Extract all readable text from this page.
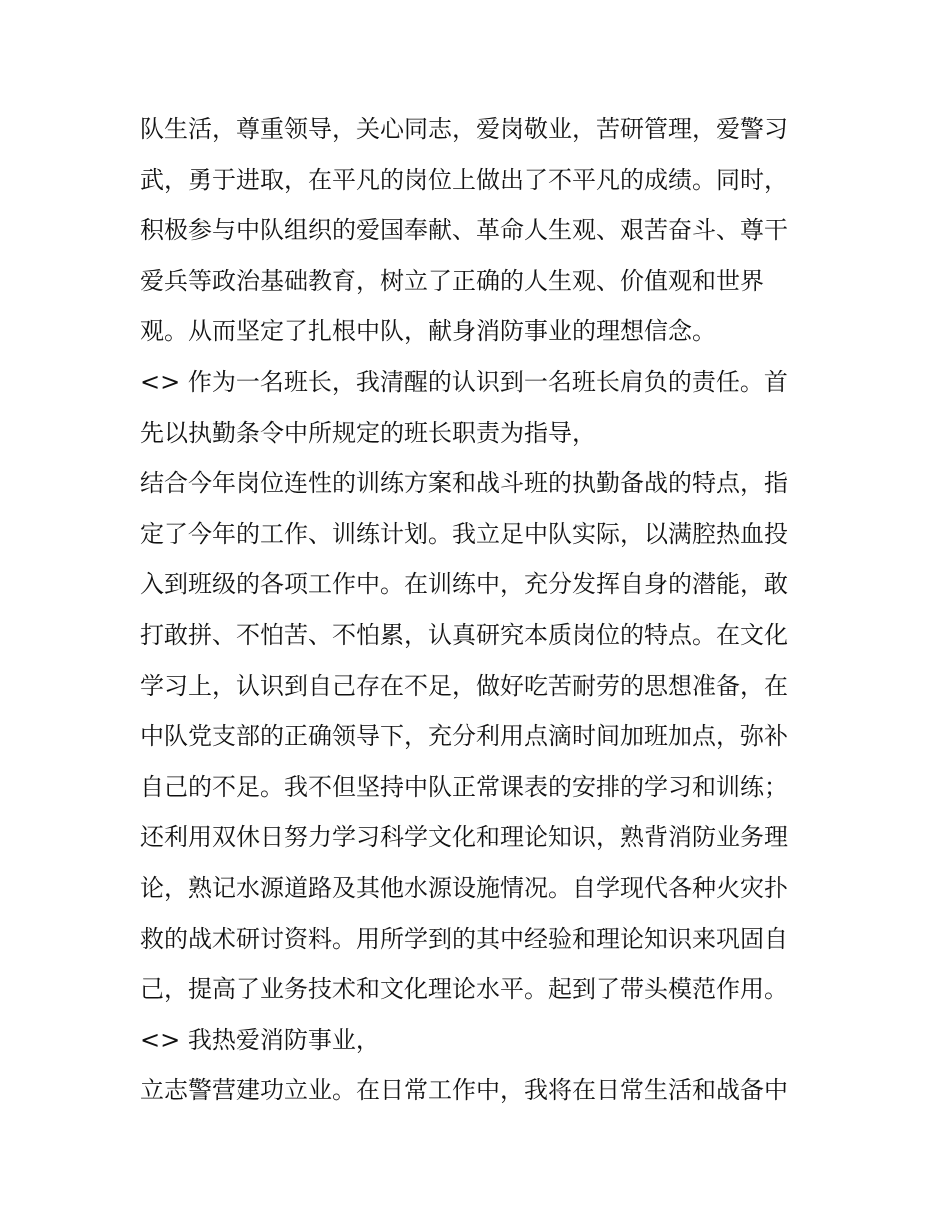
队生活，尊重领导，关心同志，爱岗敬业，苦研管理，爱警习
武，勇于进取，在平凡的岗位上做出了不平凡的成绩。同时，
积极参与中队组织的爱国奉献、革命人生观、艰苦奋斗、尊干
爱兵等政治基础教育，树立了正确的人生观、价值观和世界
观。从而坚定了扎根中队，献身消防事业的理想信念。
<> 作为一名班长，我清醒的认识到一名班长肩负的责任。首
先以执勤条令中所规定的班长职责为指导，
结合今年岗位连性的训练方案和战斗班的执勤备战的特点，指
定了今年的工作、训练计划。我立足中队实际，以满腔热血投
入到班级的各项工作中。在训练中，充分发挥自身的潜能，敢
打敢拼、不怕苦、不怕累，认真研究本质岗位的特点。在文化
学习上，认识到自己存在不足，做好吃苦耐劳的思想准备，在
中队党支部的正确领导下，充分利用点滴时间加班加点，弥补
自己的不足。我不但坚持中队正常课表的安排的学习和训练；
还利用双休日努力学习科学文化和理论知识，熟背消防业务理
论，熟记水源道路及其他水源设施情况。自学现代各种火灾扑
救的战术研讨资料。用所学到的其中经验和理论知识来巩固自
己，提高了业务技术和文化理论水平。起到了带头模范作用。
<> 我热爱消防事业，
立志警营建功立业。在日常工作中，我将在日常生活和战备中
